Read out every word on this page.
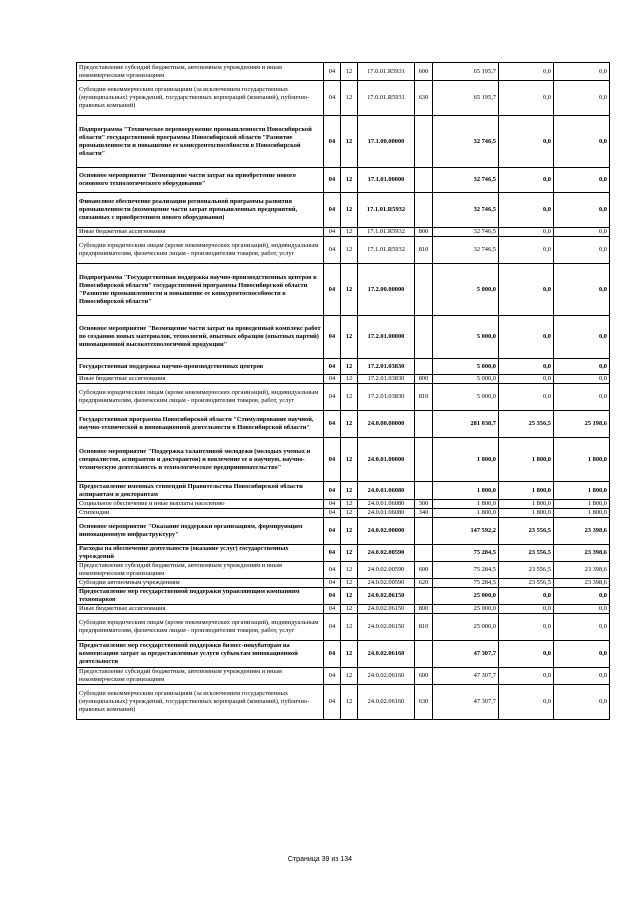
Предоставление субсидий бюджетным, автономным учреждениям и иным некоммерческим организациям	04	12	17.0.01.R5931	600	65 195,7	0,0	0,0
Субсидии некоммерческим организациям (за исключением государственных (муниципальных) учреждений, государственных корпораций (компаний), публично-правовых компаний)	04	12	17.0.01.R5931	630	65 195,7	0,0	0,0
Подпрограмма "Техническое перевооружение промышленности Новосибирской области" государственной программы Новосибирской области "Развитие промышленности и повышение ее конкурентоспособности в Новосибирской области"	04	12	17.1.00.00000		32 746,5	0,0	0,0
Основное мероприятие "Возмещение части затрат на приобретение нового основного технологического оборудования"	04	12	17.1.01.00000		32 746,5	0,0	0,0
Финансовое обеспечение реализации региональной программы развития промышленности (возмещение части затрат промышленных предприятий, связанных с приобретением нового оборудования)	04	12	17.1.01.R5932		32 746,5	0,0	0,0
Иные бюджетные ассигнования	04	12	17.1.01.R5932	800	32 746,5	0,0	0,0
Субсидии юридическим лицам (кроме некоммерческих организаций), индивидуальным предпринимателям, физическим лицам - производителям товаров, работ, услуг	04	12	17.1.01.R5932	810	32 746,5	0,0	0,0
Подпрограмма "Государственная поддержка научно-производственных центров в Новосибирской области" государственной программы Новосибирской области "Развитие промышленности и повышение ее конкурентоспособности в Новосибирской области"	04	12	17.2.00.00000		5 000,0	0,0	0,0
Основное мероприятие "Возмещение части затрат на проведенный комплекс работ по созданию новых материалов, технологий, опытных образцов (опытных партий) инновационной высокотехнологичной продукции"	04	12	17.2.01.00000		5 000,0	0,0	0,0
Государственная поддержка научно-производственных центров	04	12	17.2.01.03830		5 000,0	0,0	0,0
Иные бюджетные ассигнования	04	12	17.2.01.03830	800	5 000,0	0,0	0,0
Субсидии юридическим лицам (кроме некоммерческих организаций), индивидуальным предпринимателям, физическим лицам - производителям товаров, работ, услуг	04	12	17.2.01.03830	810	5 000,0	0,0	0,0
Государственная программа Новосибирской области "Стимулирование научной, научно-технической и инновационной деятельности в Новосибирской области"	04	12	24.0.00.00000		281 038,7	25 356,5	25 198,6
Основное мероприятие "Поддержка талантливой молодежи (молодых ученых и специалистов, аспирантов и докторантов) и вовлечение ее в научную, научно-техническую деятельность и технологическое предпринимательство"	04	12	24.0.01.00000		1 800,0	1 800,0	1 800,0
Предоставление именных стипендий Правительства Новосибирской области аспирантам и докторантам	04	12	24.0.01.06080		1 800,0	1 800,0	1 800,0
Социальное обеспечение и иные выплаты населению	04	12	24.0.01.06080	300	1 800,0	1 800,0	1 800,0
Стипендии	04	12	24.0.01.06080	340	1 800,0	1 800,0	1 800,0
Основное мероприятие "Оказание поддержки организациям, формирующим инновационную инфраструктуру"	04	12	24.0.02.00000		147 592,2	23 556,5	23 398,6
Расходы на обеспечение деятельности (оказание услуг) государственных учреждений	04	12	24.0.02.00590		75 284,5	23 556,5	23 398,6
Предоставление субсидий бюджетным, автономным учреждениям и иным некоммерческим организациям	04	12	24.0.02.00590	600	75 284,5	23 556,5	23 398,6
Субсидии автономным учреждениям	04	12	24.0.02.00590	620	75 284,5	23 556,5	23 398,6
Предоставление мер государственной поддержки управляющим компаниям технопарков	04	12	24.0.02.06150		25 000,0	0,0	0,0
Иные бюджетные ассигнования	04	12	24.0.02.06150	800	25 000,0	0,0	0,0
Субсидии юридическим лицам (кроме некоммерческих организаций), индивидуальным предпринимателям, физическим лицам - производителям товаров, работ, услуг	04	12	24.0.02.06150	810	25 000,0	0,0	0,0
Предоставление мер государственной поддержки бизнес-инкубаторам на компенсацию затрат за предоставленные услуги субъектам инновационной деятельности	04	12	24.0.02.06160		47 307,7	0,0	0,0
Предоставление субсидий бюджетным, автономным учреждениям и иным некоммерческим организациям	04	12	24.0.02.06160	600	47 307,7	0,0	0,0
Субсидии некоммерческим организациям (за исключением государственных (муниципальных) учреждений, государственных корпораций (компаний), публично-правовых компаний)	04	12	24.0.02.06160	630	47 307,7	0,0	0,0
Страница 39 из 134
